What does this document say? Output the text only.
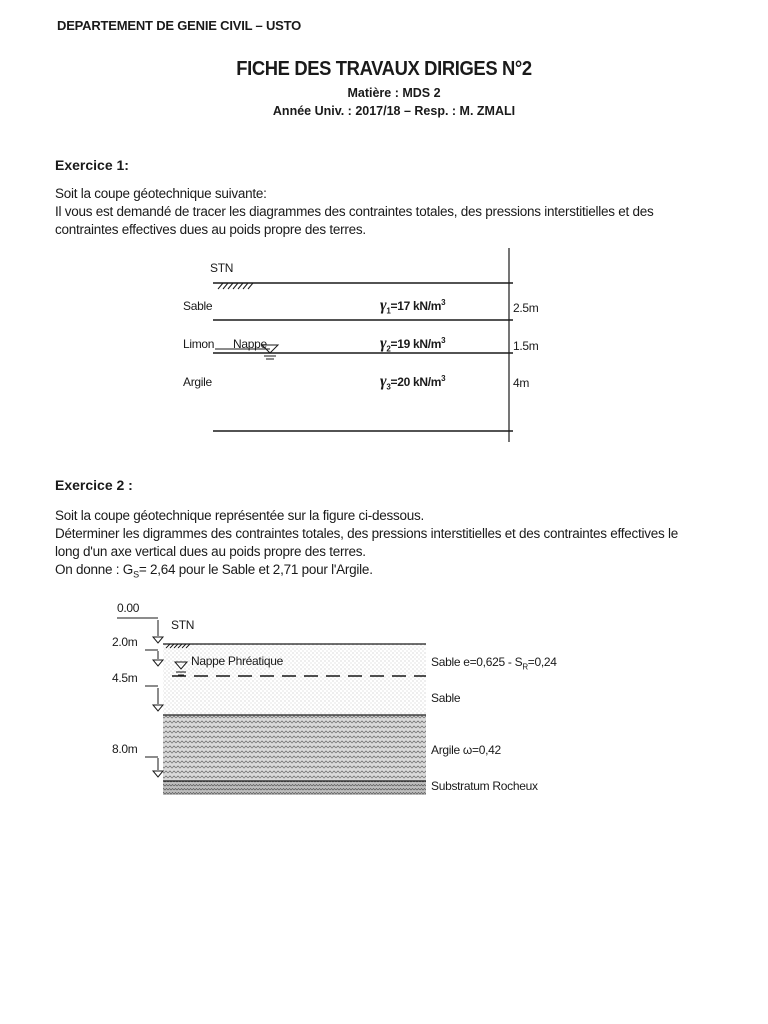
DEPARTEMENT DE GENIE CIVIL – USTO
FICHE DES TRAVAUX DIRIGES N°2
Matière : MDS 2
Année Univ. : 2017/18 – Resp. : M. ZMALI
Exercice 1:

Soit la coupe géotechnique suivante:

Il vous est demandé de tracer les diagrammes des contraintes totales, des pressions interstitielles et des

contraintes effectives dues au poids propre des terres.

STN
Sable
Limon Nappe
Argile
$\gamma_1=17$ $kN/m^3$
$\gamma_2=19$ $kN/m^3$
$\gamma_3=20$ $kN/m^3$
2.5m
1.5m
4m
Exercice 2 :

Soit la coupe géotechnique représentée sur la figure ci-dessous.

Déterminer les digrammes des contraintes totales, des pressions interstitielles et des contraintes effectives le

long d'un axe vertical dues au poids propre des terres.

On donne : $G_S= 2,64$ pour le Sable et 2,71 pour l'Argile.

0.00
2.0m
4.5m
8.0m
STN
Nappe Phréatique	Sable $e=0,625 - S_R=0,24$
Sable
Argile ω=0,42
Substratum Rocheux
